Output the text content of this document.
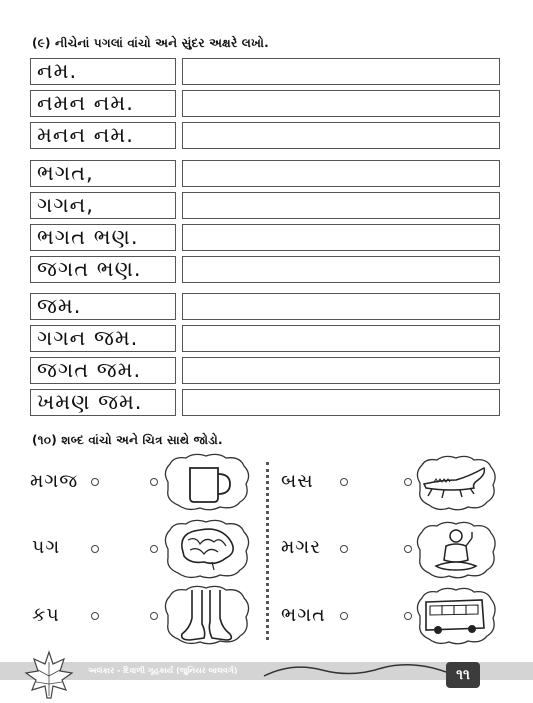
(૯) નીચેનાં પગલાં વાંચો અને સુંદર અક્ષરે લખો.
નમ.
નમન નમ.
મનન નમ.
ભગત,
ગગન,
ભગત ભણ.
જગત ભણ.
જમ.
ગગન જમ.
જગત જમ.
ખમણ જમ.
(૧૦) શબ્દ વાંચો અને ચિત્ર સાથે જોડો.
મગજ
પગ
કપ
બસ
મગર
ભગત
અલંકાર - દિવાળી ગૃહકાર્ય (જુનિયર બાલવર્ગ)	૧૧
